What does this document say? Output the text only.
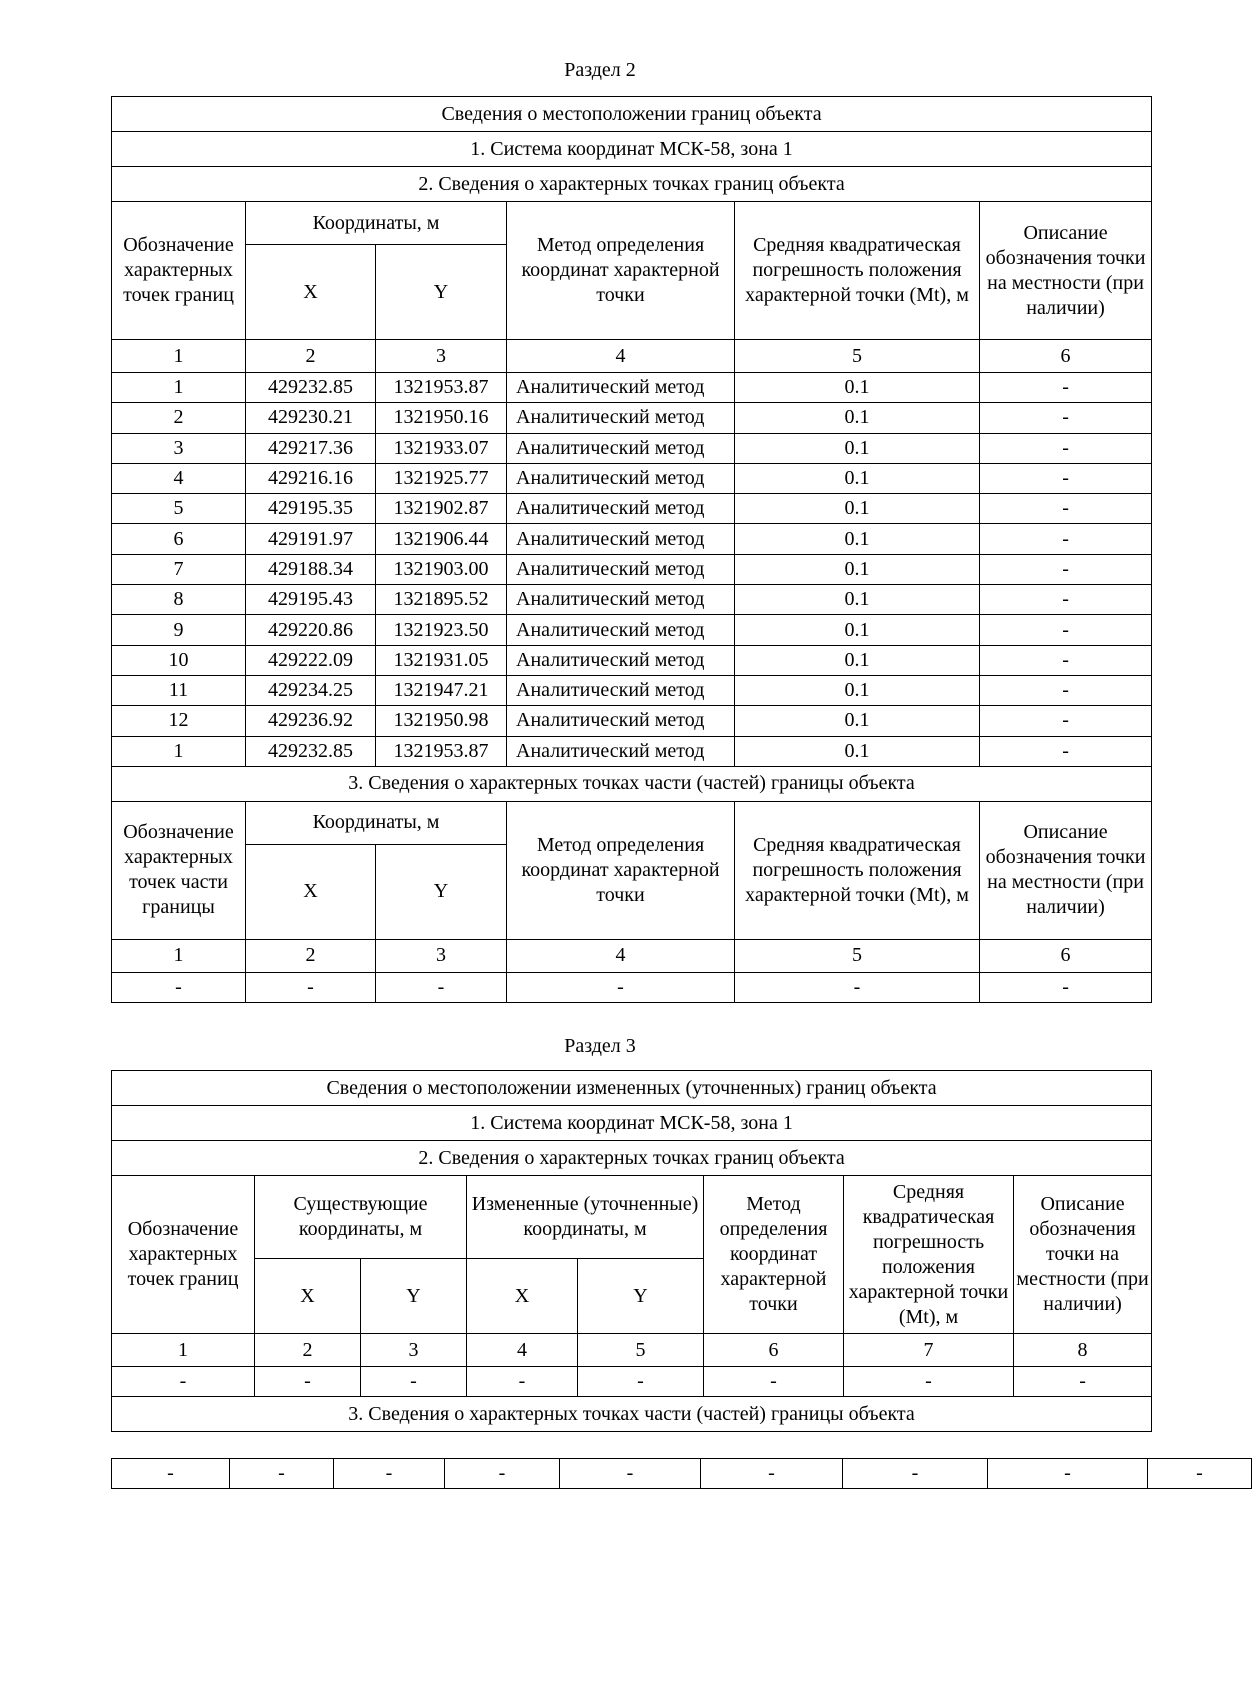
Раздел 2
Сведения о местоположении границ объекта					
1. Система координат МСК-58, зона 1					
2. Сведения о характерных точках границ объекта					
Обозначение характерных точек границ	Координаты, м		Метод определения координат характерной точки	Средняя квадратическая погрешность положения характерной точки (Mt), м	Описание обозначения точки на местности (при наличии)
	X	Y			
1	2	3	4	5	6
1	429232.85	1321953.87	Аналитический метод	0.1	-
2	429230.21	1321950.16	Аналитический метод	0.1	-
3	429217.36	1321933.07	Аналитический метод	0.1	-
4	429216.16	1321925.77	Аналитический метод	0.1	-
5	429195.35	1321902.87	Аналитический метод	0.1	-
6	429191.97	1321906.44	Аналитический метод	0.1	-
7	429188.34	1321903.00	Аналитический метод	0.1	-
8	429195.43	1321895.52	Аналитический метод	0.1	-
9	429220.86	1321923.50	Аналитический метод	0.1	-
10	429222.09	1321931.05	Аналитический метод	0.1	-
11	429234.25	1321947.21	Аналитический метод	0.1	-
12	429236.92	1321950.98	Аналитический метод	0.1	-
1	429232.85	1321953.87	Аналитический метод	0.1	-
3. Сведения о характерных точках части (частей) границы объекта					
Обозначение характерных точек части границы	Координаты, м		Метод определения координат характерной точки	Средняя квадратическая погрешность положения характерной точки (Mt), м	Описание обозначения точки на местности (при наличии)
	X	Y			
1	2	3	4	5	6
-	-	-	-	-	-
Раздел 3
Сведения о местоположении измененных (уточненных) границ объекта							
1. Система координат МСК-58, зона 1							
2. Сведения о характерных точках границ объекта							
Обозначение характерных точек границ	Существующие координаты, м		Измененные (уточненные) координаты, м		Метод определения координат характерной точки	Средняя квадратическая погрешность положения характерной точки (Mt), м	Описание обозначения точки на местности (при наличии)
	X	Y	X	Y			
1	2	3	4	5	6	7	8
-	-	-	-	-	-	-	-
3. Сведения о характерных точках части (частей) границы объекта							
-	-	-	-	-	-	-	-	-
